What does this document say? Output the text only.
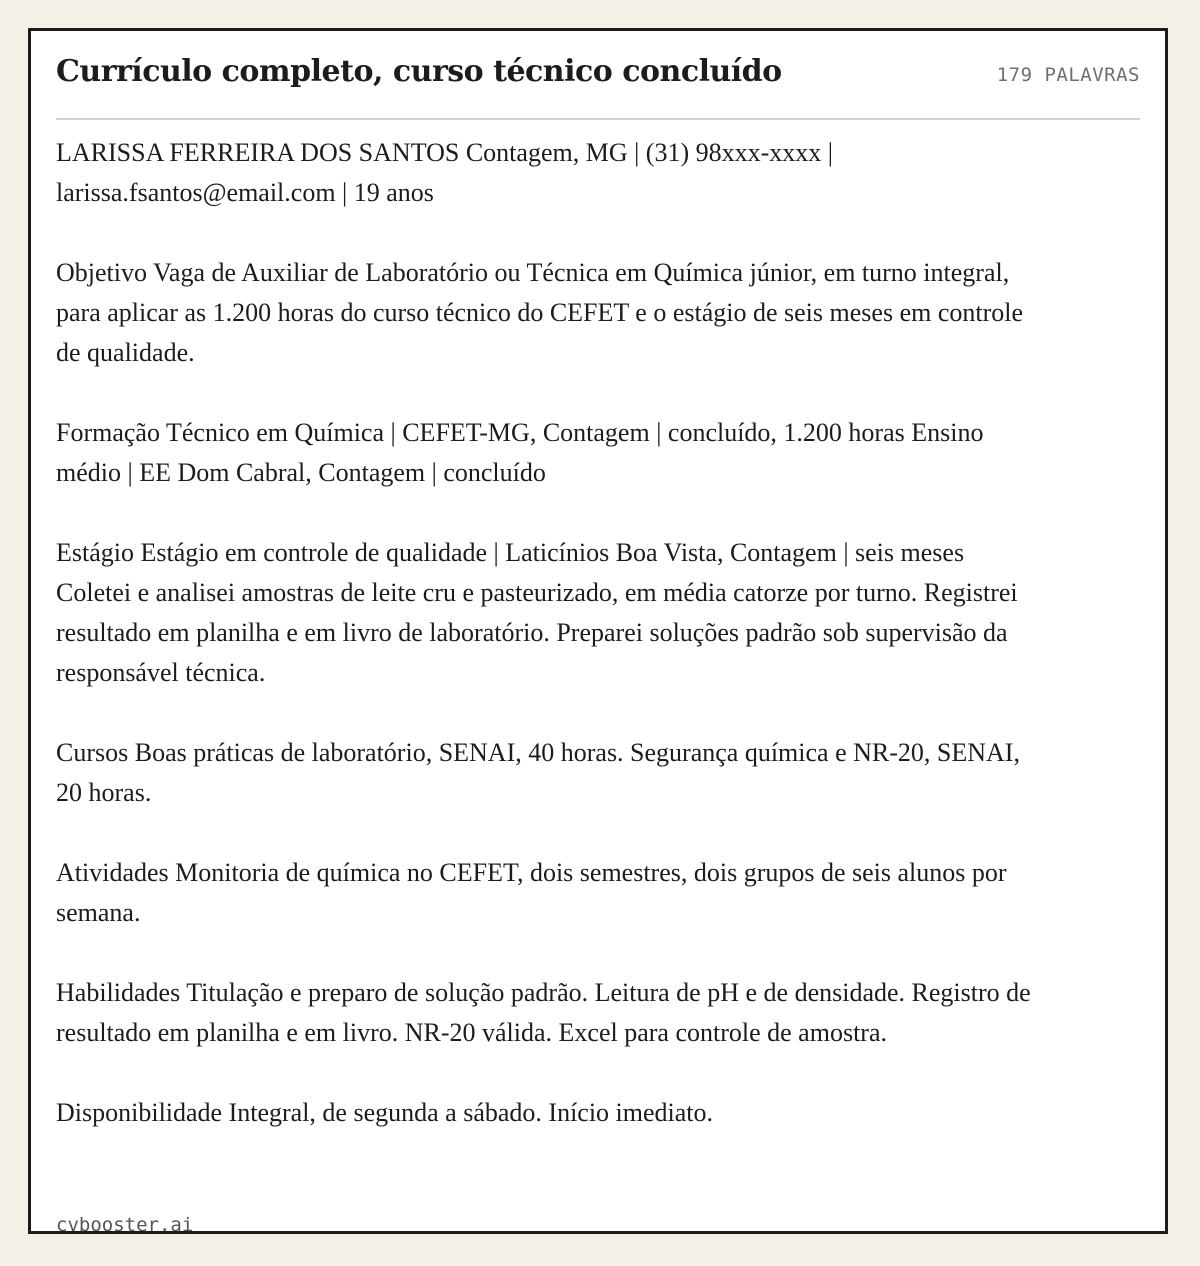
Currículo completo, curso técnico concluído	179 PALAVRAS

LARISSA FERREIRA DOS SANTOS Contagem, MG | (31) 98xxx-xxxx | larissa.fsantos@email.com | 19 anos

Objetivo Vaga de Auxiliar de Laboratório ou Técnica em Química júnior, em turno integral, para aplicar as 1.200 horas do curso técnico do CEFET e o estágio de seis meses em controle de qualidade.

Formação Técnico em Química | CEFET-MG, Contagem | concluído, 1.200 horas Ensino médio | EE Dom Cabral, Contagem | concluído

Estágio Estágio em controle de qualidade | Laticínios Boa Vista, Contagem | seis meses Coletei e analisei amostras de leite cru e pasteurizado, em média catorze por turno. Registrei resultado em planilha e em livro de laboratório. Preparei soluções padrão sob supervisão da responsável técnica.

Cursos Boas práticas de laboratório, SENAI, 40 horas. Segurança química e NR-20, SENAI, 20 horas.

Atividades Monitoria de química no CEFET, dois semestres, dois grupos de seis alunos por semana.

Habilidades Titulação e preparo de solução padrão. Leitura de pH e de densidade. Registro de resultado em planilha e em livro. NR-20 válida. Excel para controle de amostra.

Disponibilidade Integral, de segunda a sábado. Início imediato.

cvbooster.ai
